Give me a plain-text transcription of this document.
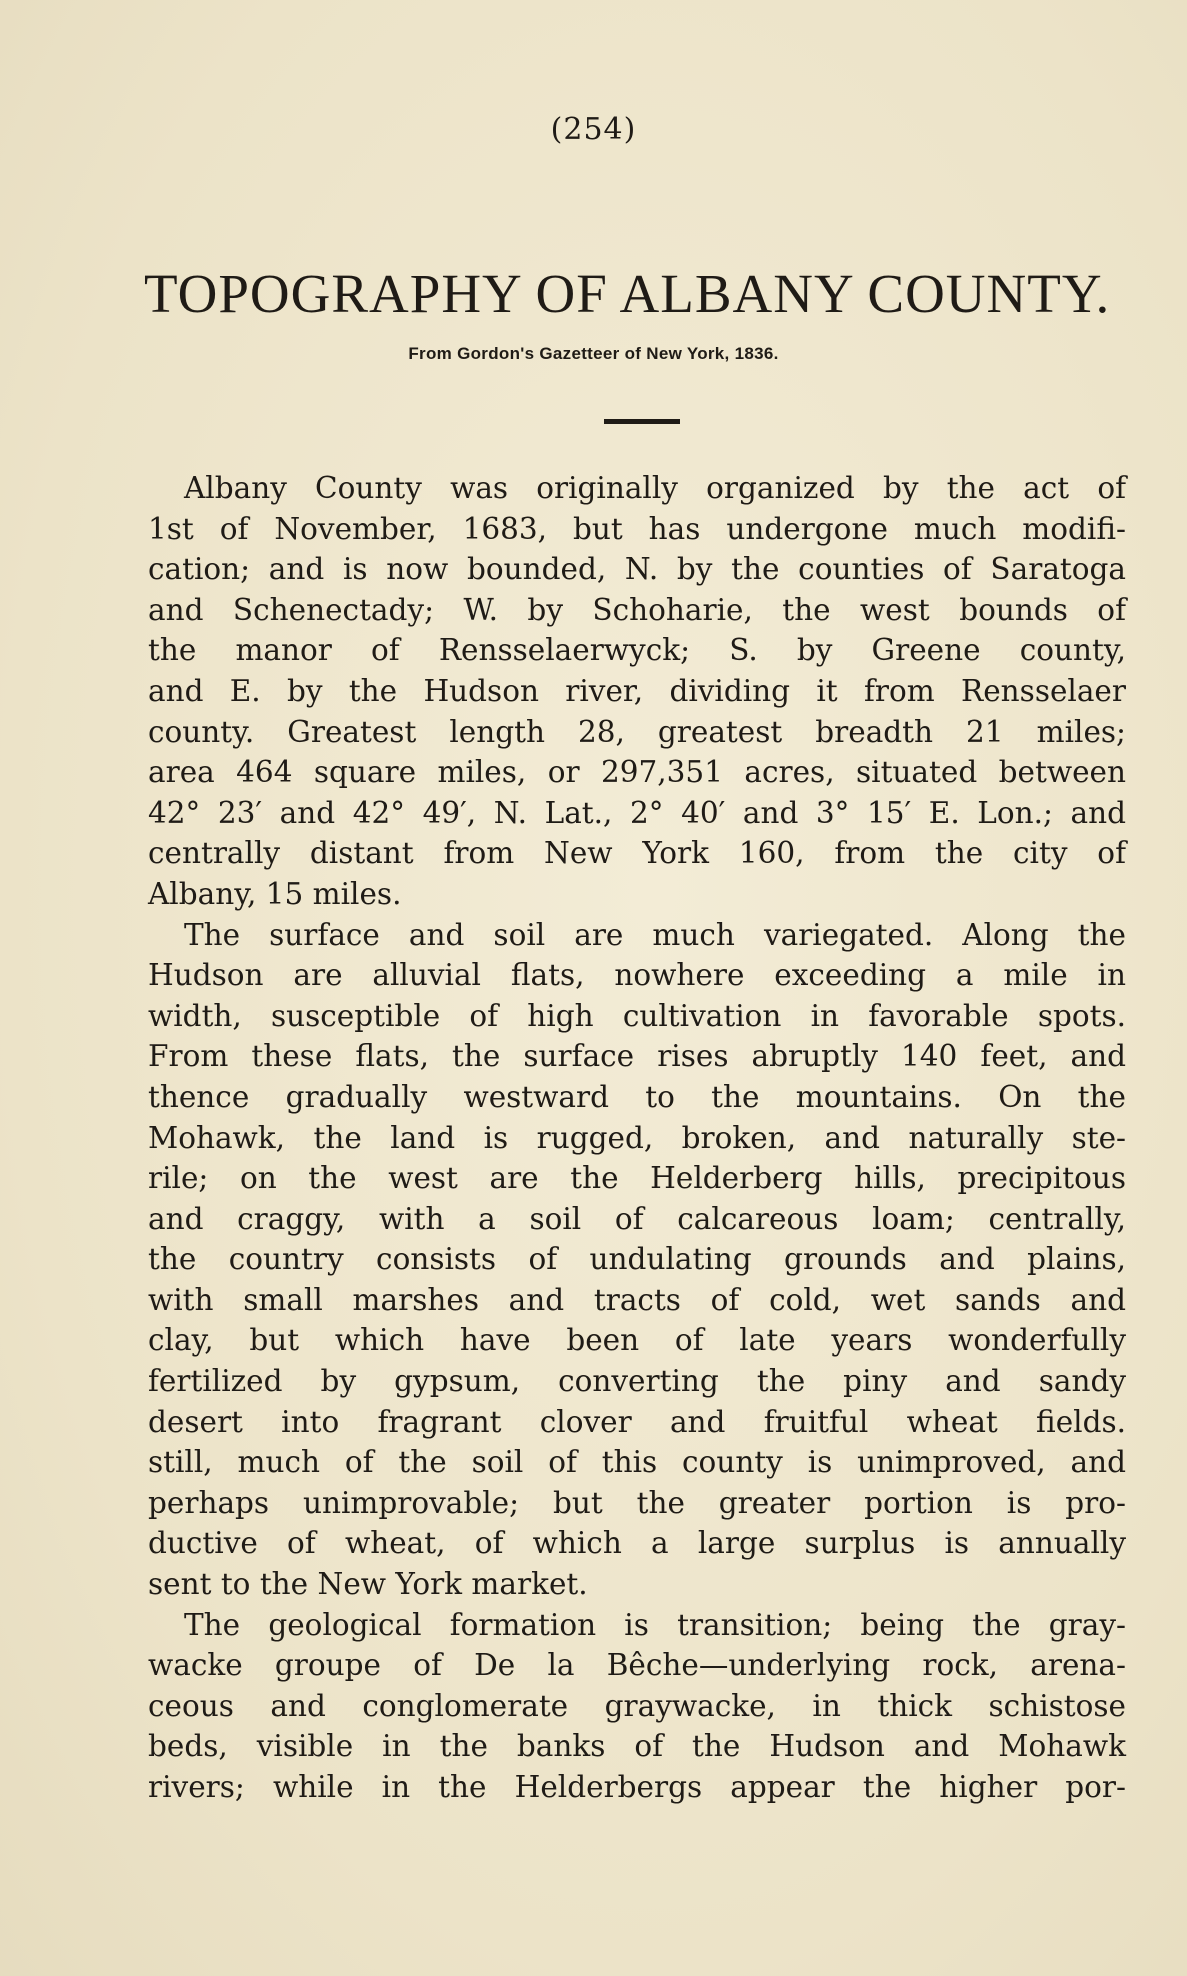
(254)
TOPOGRAPHY OF ALBANY COUNTY.
From Gordon's Gazetteer of New York, 1836.
Albany County was originally organized by the act of
1st of November, 1683, but has undergone much modifi-
cation; and is now bounded, N. by the counties of Saratoga
and Schenectady; W. by Schoharie, the west bounds of
the manor of Rensselaerwyck; S. by Greene county,
and E. by the Hudson river, dividing it from Rensselaer
county. Greatest length 28, greatest breadth 21 miles;
area 464 square miles, or 297,351 acres, situated between
42° 23′ and 42° 49′, N. Lat., 2° 40′ and 3° 15′ E. Lon.; and
centrally distant from New York 160, from the city of
Albany, 15 miles.
The surface and soil are much variegated. Along the
Hudson are alluvial flats, nowhere exceeding a mile in
width, susceptible of high cultivation in favorable spots.
From these flats, the surface rises abruptly 140 feet, and
thence gradually westward to the mountains. On the
Mohawk, the land is rugged, broken, and naturally ste-
rile; on the west are the Helderberg hills, precipitous
and craggy, with a soil of calcareous loam; centrally,
the country consists of undulating grounds and plains,
with small marshes and tracts of cold, wet sands and
clay, but which have been of late years wonderfully
fertilized by gypsum, converting the piny and sandy
desert into fragrant clover and fruitful wheat fields.
still, much of the soil of this county is unimproved, and
perhaps unimprovable; but the greater portion is pro-
ductive of wheat, of which a large surplus is annually
sent to the New York market.
The geological formation is transition; being the gray-
wacke groupe of De la Bêche—underlying rock, arena-
ceous and conglomerate graywacke, in thick schistose
beds, visible in the banks of the Hudson and Mohawk
rivers; while in the Helderbergs appear the higher por-
